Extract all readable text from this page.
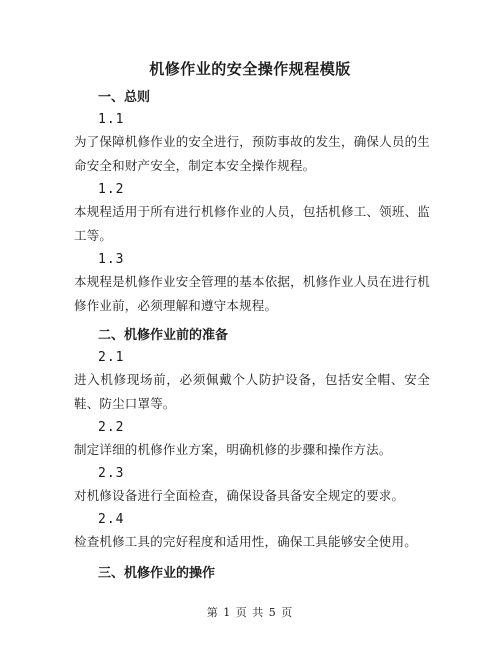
机修作业的安全操作规程模版
一、总则
1.1
为了保障机修作业的安全进行，预防事故的发生，确保人员的生命安全和财产安全，制定本安全操作规程。
1.2
本规程适用于所有进行机修作业的人员，包括机修工、领班、监工等。
1.3
本规程是机修作业安全管理的基本依据，机修作业人员在进行机修作业前，必须理解和遵守本规程。
二、机修作业前的准备
2.1
进入机修现场前，必须佩戴个人防护设备，包括安全帽、安全鞋、防尘口罩等。
2.2
制定详细的机修作业方案，明确机修的步骤和操作方法。
2.3
对机修设备进行全面检查，确保设备具备安全规定的要求。
2.4
检查机修工具的完好程度和适用性，确保工具能够安全使用。
三、机修作业的操作
第 1 页 共 5 页
